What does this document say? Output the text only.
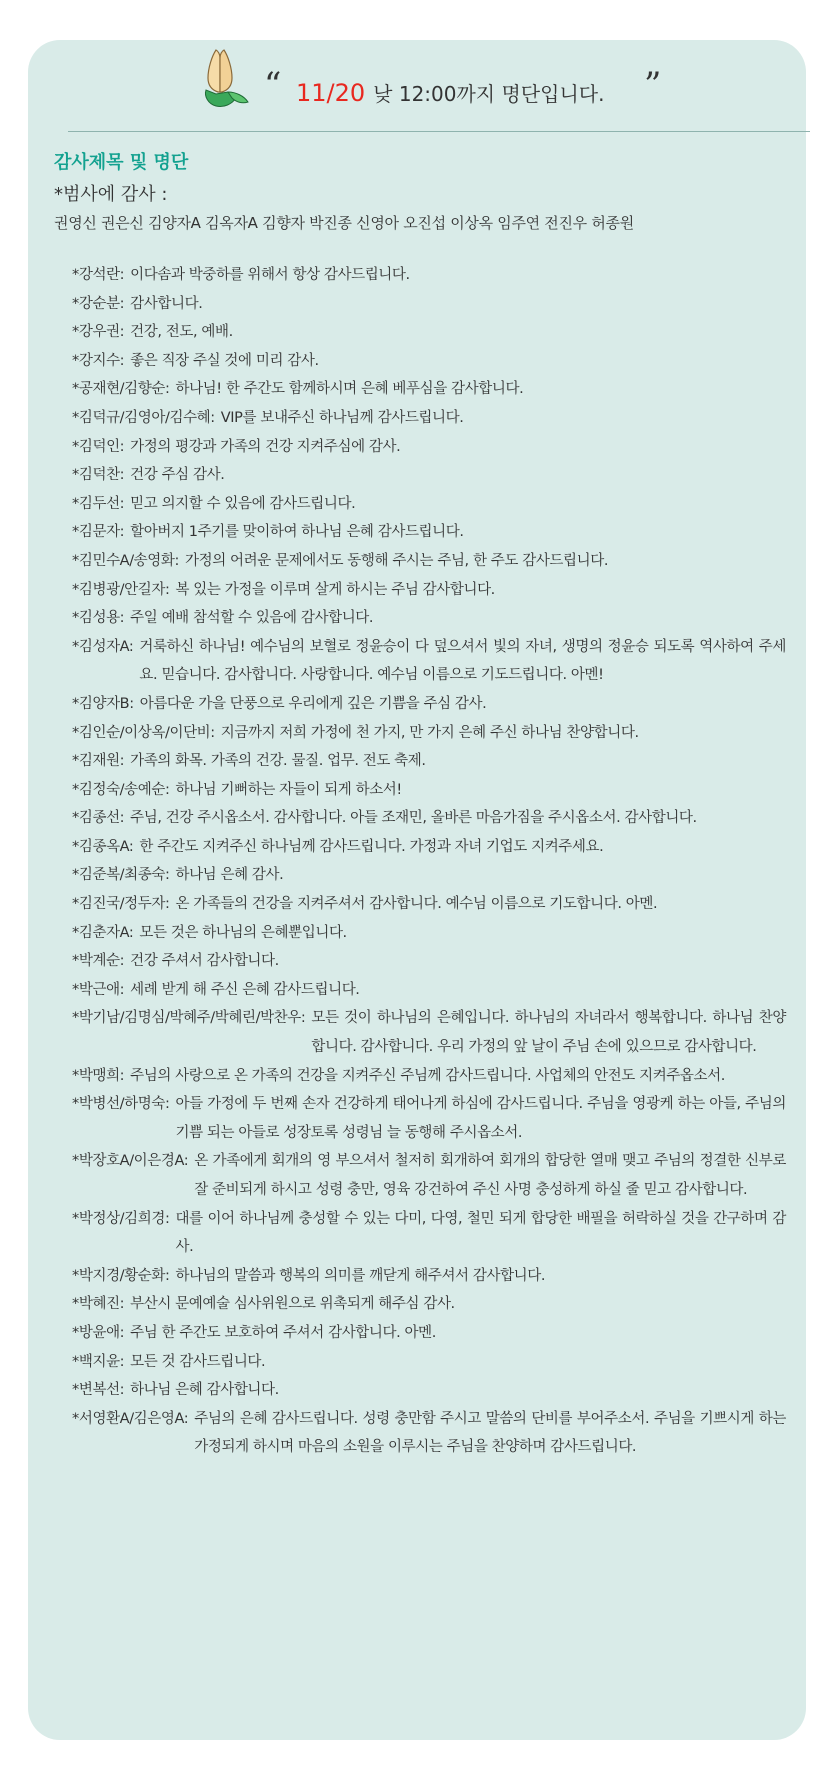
“ 11/20 낮 12:00까지 명단입니다. ”
감사제목 및 명단
*범사에 감사 :
권영신 권은신 김양자A 김옥자A 김향자 박진종 신영아 오진섭 이상옥 임주연 전진우 허종원
*강석란: 이다솜과 박중하를 위해서 항상 감사드립니다.
*강순분: 감사합니다.
*강우권: 건강, 전도, 예배.
*강지수: 좋은 직장 주실 것에 미리 감사.
*공재현/김향순: 하나님! 한 주간도 함께하시며 은혜 베푸심을 감사합니다.
*김덕규/김영아/김수혜: VIP를 보내주신 하나님께 감사드립니다.
*김덕인: 가정의 평강과 가족의 건강 지켜주심에 감사.
*김덕찬: 건강 주심 감사.
*김두선: 믿고 의지할 수 있음에 감사드립니다.
*김문자: 할아버지 1주기를 맞이하여 하나님 은혜 감사드립니다.
*김민수A/송영화: 가정의 어려운 문제에서도 동행해 주시는 주님, 한 주도 감사드립니다.
*김병광/안길자: 복 있는 가정을 이루며 살게 하시는 주님 감사합니다.
*김성용: 주일 예배 참석할 수 있음에 감사합니다.
*김성자A: 거룩하신 하나님! 예수님의 보혈로 정윤승이 다 덮으셔서 빛의 자녀, 생명의 정윤승 되도록 역사하여 주세요. 믿습니다. 감사합니다. 사랑합니다. 예수님 이름으로 기도드립니다. 아멘!
*김양자B: 아름다운 가을 단풍으로 우리에게 깊은 기쁨을 주심 감사.
*김인순/이상옥/이단비: 지금까지 저희 가정에 천 가지, 만 가지 은혜 주신 하나님 찬양합니다.
*김재원: 가족의 화목. 가족의 건강. 물질. 업무. 전도 축제.
*김정숙/송예순: 하나님 기뻐하는 자들이 되게 하소서!
*김종선: 주님, 건강 주시옵소서. 감사합니다. 아들 조재민, 올바른 마음가짐을 주시옵소서. 감사합니다.
*김종옥A: 한 주간도 지켜주신 하나님께 감사드립니다. 가정과 자녀 기업도 지켜주세요.
*김준복/최종숙: 하나님 은혜 감사.
*김진국/정두자: 온 가족들의 건강을 지켜주셔서 감사합니다. 예수님 이름으로 기도합니다. 아멘.
*김춘자A: 모든 것은 하나님의 은혜뿐입니다.
*박계순: 건강 주셔서 감사합니다.
*박근애: 세례 받게 해 주신 은혜 감사드립니다.
*박기남/김명심/박혜주/박혜린/박찬우: 모든 것이 하나님의 은혜입니다. 하나님의 자녀라서 행복합니다. 하나님 찬양합니다. 감사합니다. 우리 가정의 앞 날이 주님 손에 있으므로 감사합니다.
*박맹희: 주님의 사랑으로 온 가족의 건강을 지켜주신 주님께 감사드립니다. 사업체의 안전도 지켜주옵소서.
*박병선/하명숙: 아들 가정에 두 번째 손자 건강하게 태어나게 하심에 감사드립니다. 주님을 영광케 하는 아들, 주님의 기쁨 되는 아들로 성장토록 성령님 늘 동행해 주시옵소서.
*박장호A/이은경A: 온 가족에게 회개의 영 부으셔서 철저히 회개하여 회개의 합당한 열매 맺고 주님의 정결한 신부로 잘 준비되게 하시고 성령 충만, 영육 강건하여 주신 사명 충성하게 하실 줄 믿고 감사합니다.
*박정상/김희경: 대를 이어 하나님께 충성할 수 있는 다미, 다영, 철민 되게 합당한 배필을 허락하실 것을 간구하며 감사.
*박지경/황순화: 하나님의 말씀과 행복의 의미를 깨닫게 해주셔서 감사합니다.
*박혜진: 부산시 문예예술 심사위원으로 위촉되게 해주심 감사.
*방윤애: 주님 한 주간도 보호하여 주셔서 감사합니다. 아멘.
*백지윤: 모든 것 감사드립니다.
*변복선: 하나님 은혜 감사합니다.
*서영환A/김은영A: 주님의 은혜 감사드립니다. 성령 충만함 주시고 말씀의 단비를 부어주소서. 주님을 기쁘시게 하는 가정되게 하시며 마음의 소원을 이루시는 주님을 찬양하며 감사드립니다.
